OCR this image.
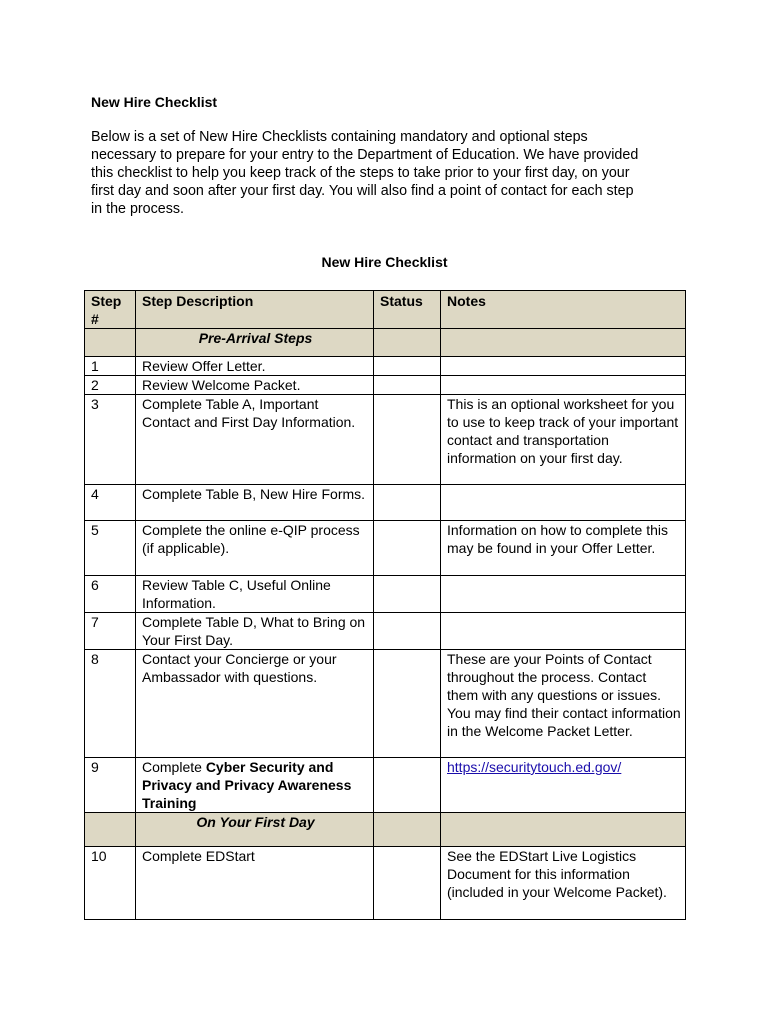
New Hire Checklist

Below is a set of New Hire Checklists containing mandatory and optional steps
necessary to prepare for your entry to the Department of Education. We have provided
this checklist to help you keep track of the steps to take prior to your first day, on your
first day and soon after your first day. You will also find a point of contact for each step
in the process.

New Hire Checklist

Step
#	Step Description	Status	Notes
	Pre-Arrival Steps		
1	Review Offer Letter.		
2	Review Welcome Packet.		
3	Complete Table A, Important Contact and First Day Information.		This is an optional worksheet for you to use to keep track of your important contact and transportation information on your first day.
4	Complete Table B, New Hire Forms.		
5	Complete the online e-QIP process (if applicable).		Information on how to complete this may be found in your Offer Letter.
6	Review Table C, Useful Online Information.		
7	Complete Table D, What to Bring on Your First Day.		
8	Contact your Concierge or your Ambassador with questions.		These are your Points of Contact throughout the process. Contact them with any questions or issues. You may find their contact information in the Welcome Packet Letter.
9	Complete Cyber Security and Privacy and Privacy Awareness Training		https://securitytouch.ed.gov/
	On Your First Day		
10	Complete EDStart		See the EDStart Live Logistics Document for this information (included in your Welcome Packet).
